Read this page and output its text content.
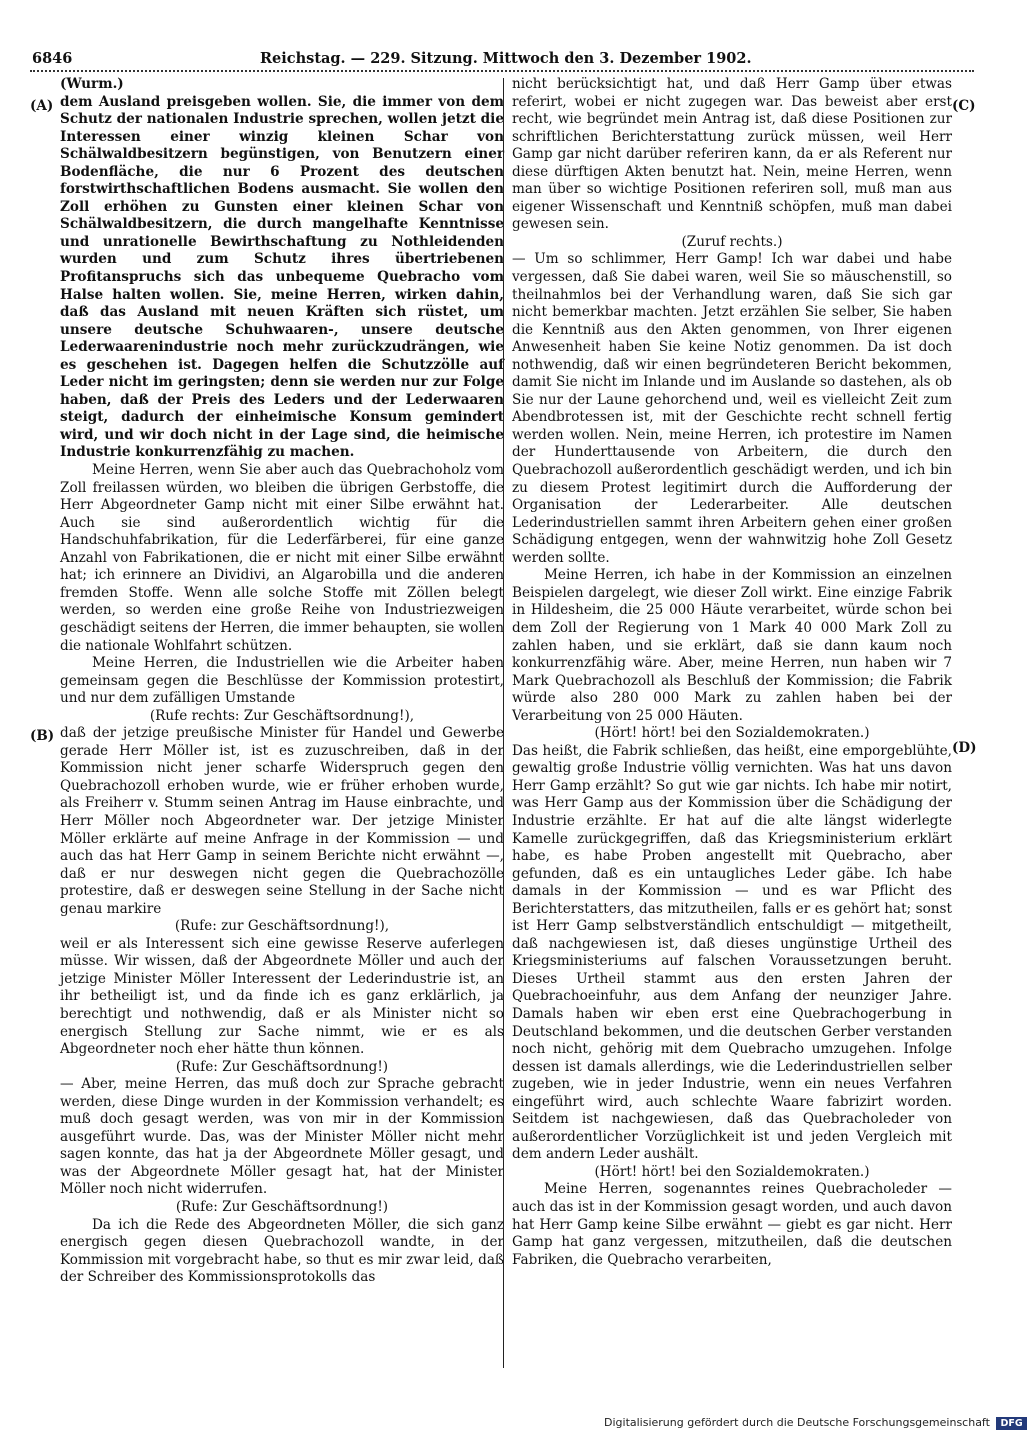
6846	Reichstag. — 229. Sitzung. Mittwoch den 3. Dezember 1902.
(A)
(B)
(C)
(D)

(Wurm.)

dem Ausland preisgeben wollen. Sie, die immer von dem Schutz der nationalen Industrie sprechen, wollen jetzt die Interessen einer winzig kleinen Schar von Schälwaldbesitzern begünstigen, von Benutzern einer Bodenfläche, die nur 6 Prozent des deutschen forstwirthschaftlichen Bodens ausmacht. Sie wollen den Zoll erhöhen zu Gunsten einer kleinen Schar von Schälwaldbesitzern, die durch mangelhafte Kenntnisse und unrationelle Bewirthschaftung zu Nothleidenden wurden und zum Schutz ihres übertriebenen Profitanspruchs sich das unbequeme Quebracho vom Halse halten wollen. Sie, meine Herren, wirken dahin, daß das Ausland mit neuen Kräften sich rüstet, um unsere deutsche Schuhwaaren-, unsere deutsche Lederwaarenindustrie noch mehr zurückzudrängen, wie es geschehen ist. Dagegen helfen die Schutzzölle auf Leder nicht im geringsten; denn sie werden nur zur Folge haben, daß der Preis des Leders und der Lederwaaren steigt, dadurch der einheimische Konsum gemindert wird, und wir doch nicht in der Lage sind, die heimische Industrie konkurrenzfähig zu machen.

Meine Herren, wenn Sie aber auch das Quebrachoholz vom Zoll freilassen würden, wo bleiben die übrigen Gerbstoffe, die Herr Abgeordneter Gamp nicht mit einer Silbe erwähnt hat. Auch sie sind außerordentlich wichtig für die Handschuhfabrikation, für die Lederfärberei, für eine ganze Anzahl von Fabrikationen, die er nicht mit einer Silbe erwähnt hat; ich erinnere an Dividivi, an Algarobilla und die anderen fremden Stoffe. Wenn alle solche Stoffe mit Zöllen belegt werden, so werden eine große Reihe von Industriezweigen geschädigt seitens der Herren, die immer behaupten, sie wollen die nationale Wohlfahrt schützen.

Meine Herren, die Industriellen wie die Arbeiter haben gemeinsam gegen die Beschlüsse der Kommission protestirt, und nur dem zufälligen Umstande

(Rufe rechts: Zur Geschäftsordnung!),

daß der jetzige preußische Minister für Handel und Gewerbe gerade Herr Möller ist, ist es zuzuschreiben, daß in der Kommission nicht jener scharfe Widerspruch gegen den Quebrachozoll erhoben wurde, wie er früher erhoben wurde, als Freiherr v. Stumm seinen Antrag im Hause einbrachte, und Herr Möller noch Abgeordneter war. Der jetzige Minister Möller erklärte auf meine Anfrage in der Kommission — und auch das hat Herr Gamp in seinem Berichte nicht erwähnt —, daß er nur deswegen nicht gegen die Quebrachozölle protestire, daß er deswegen seine Stellung in der Sache nicht genau markire

(Rufe: zur Geschäftsordnung!),

weil er als Interessent sich eine gewisse Reserve auferlegen müsse. Wir wissen, daß der Abgeordnete Möller und auch der jetzige Minister Möller Interessent der Lederindustrie ist, an ihr betheiligt ist, und da finde ich es ganz erklärlich, ja berechtigt und nothwendig, daß er als Minister nicht so energisch Stellung zur Sache nimmt, wie er es als Abgeordneter noch eher hätte thun können.

(Rufe: Zur Geschäftsordnung!)

— Aber, meine Herren, das muß doch zur Sprache gebracht werden, diese Dinge wurden in der Kommission verhandelt; es muß doch gesagt werden, was von mir in der Kommission ausgeführt wurde. Das, was der Minister Möller nicht mehr sagen konnte, das hat ja der Abgeordnete Möller gesagt, und was der Abgeordnete Möller gesagt hat, hat der Minister Möller noch nicht widerrufen.

(Rufe: Zur Geschäftsordnung!)

Da ich die Rede des Abgeordneten Möller, die sich ganz energisch gegen diesen Quebrachozoll wandte, in der Kommission mit vorgebracht habe, so thut es mir zwar leid, daß der Schreiber des Kommissionsprotokolls das

nicht berücksichtigt hat, und daß Herr Gamp über etwas referirt, wobei er nicht zugegen war. Das beweist aber erst recht, wie begründet mein Antrag ist, daß diese Positionen zur schriftlichen Berichterstattung zurück müssen, weil Herr Gamp gar nicht darüber referiren kann, da er als Referent nur diese dürftigen Akten benutzt hat. Nein, meine Herren, wenn man über so wichtige Positionen referiren soll, muß man aus eigener Wissenschaft und Kenntniß schöpfen, muß man dabei gewesen sein.

(Zuruf rechts.)

— Um so schlimmer, Herr Gamp! Ich war dabei und habe vergessen, daß Sie dabei waren, weil Sie so mäuschenstill, so theilnahmlos bei der Verhandlung waren, daß Sie sich gar nicht bemerkbar machten. Jetzt erzählen Sie selber, Sie haben die Kenntniß aus den Akten genommen, von Ihrer eigenen Anwesenheit haben Sie keine Notiz genommen. Da ist doch nothwendig, daß wir einen begründeteren Bericht bekommen, damit Sie nicht im Inlande und im Auslande so dastehen, als ob Sie nur der Laune gehorchend und, weil es vielleicht Zeit zum Abendbrotessen ist, mit der Geschichte recht schnell fertig werden wollen. Nein, meine Herren, ich protestire im Namen der Hunderttausende von Arbeitern, die durch den Quebrachozoll außerordentlich geschädigt werden, und ich bin zu diesem Protest legitimirt durch die Aufforderung der Organisation der Lederarbeiter. Alle deutschen Lederindustriellen sammt ihren Arbeitern gehen einer großen Schädigung entgegen, wenn der wahnwitzig hohe Zoll Gesetz werden sollte.

Meine Herren, ich habe in der Kommission an einzelnen Beispielen dargelegt, wie dieser Zoll wirkt. Eine einzige Fabrik in Hildesheim, die 25 000 Häute verarbeitet, würde schon bei dem Zoll der Regierung von 1 Mark 40 000 Mark Zoll zu zahlen haben, und sie erklärt, daß sie dann kaum noch konkurrenzfähig wäre. Aber, meine Herren, nun haben wir 7 Mark Quebrachozoll als Beschluß der Kommission; die Fabrik würde also 280 000 Mark zu zahlen haben bei der Verarbeitung von 25 000 Häuten.

(Hört! hört! bei den Sozialdemokraten.)

Das heißt, die Fabrik schließen, das heißt, eine emporgeblühte, gewaltig große Industrie völlig vernichten. Was hat uns davon Herr Gamp erzählt? So gut wie gar nichts. Ich habe mir notirt, was Herr Gamp aus der Kommission über die Schädigung der Industrie erzählte. Er hat auf die alte längst widerlegte Kamelle zurückgegriffen, daß das Kriegsministerium erklärt habe, es habe Proben angestellt mit Quebracho, aber gefunden, daß es ein untaugliches Leder gäbe. Ich habe damals in der Kommission — und es war Pflicht des Berichterstatters, das mitzutheilen, falls er es gehört hat; sonst ist Herr Gamp selbstverständlich entschuldigt — mitgetheilt, daß nachgewiesen ist, daß dieses ungünstige Urtheil des Kriegsministeriums auf falschen Voraussetzungen beruht. Dieses Urtheil stammt aus den ersten Jahren der Quebrachoeinfuhr, aus dem Anfang der neunziger Jahre. Damals haben wir eben erst eine Quebrachogerbung in Deutschland bekommen, und die deutschen Gerber verstanden noch nicht, gehörig mit dem Quebracho umzugehen. Infolge dessen ist damals allerdings, wie die Lederindustriellen selber zugeben, wie in jeder Industrie, wenn ein neues Verfahren eingeführt wird, auch schlechte Waare fabrizirt worden. Seitdem ist nachgewiesen, daß das Quebracholeder von außerordentlicher Vorzüglichkeit ist und jeden Vergleich mit dem andern Leder aushält.

(Hört! hört! bei den Sozialdemokraten.)

Meine Herren, sogenanntes reines Quebracholeder — auch das ist in der Kommission gesagt worden, und auch davon hat Herr Gamp keine Silbe erwähnt — giebt es gar nicht. Herr Gamp hat ganz vergessen, mitzutheilen, daß die deutschen Fabriken, die Quebracho verarbeiten,

Digitalisierung gefördert durch die Deutsche Forschungsgemeinschaft DFG
